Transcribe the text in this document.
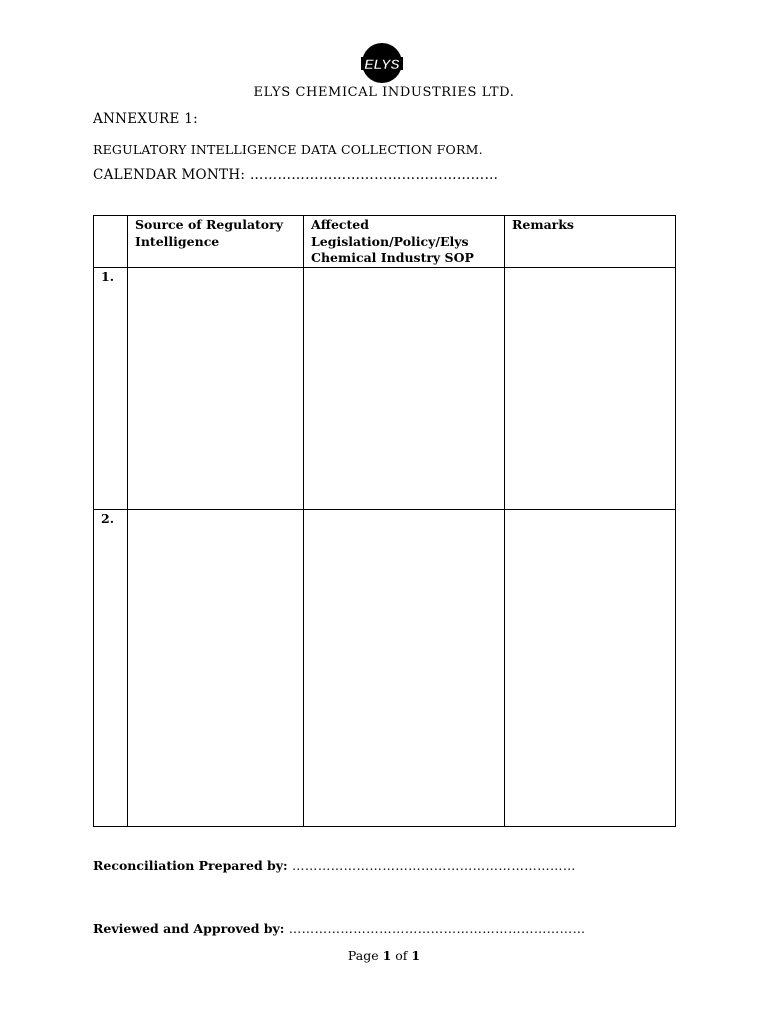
ELYS
ELYS CHEMICAL INDUSTRIES LTD.
ANNEXURE 1:
REGULATORY INTELLIGENCE DATA COLLECTION FORM.
CALENDAR MONTH: ………………………………………………

	Source of Regulatory Intelligence	Affected Legislation/Policy/Elys Chemical Industry SOP	Remarks

1.			

2.			

Reconciliation Prepared by: …………………………………………………………
Reviewed and Approved by: ……………………………………………………………
Page 1 of 1
